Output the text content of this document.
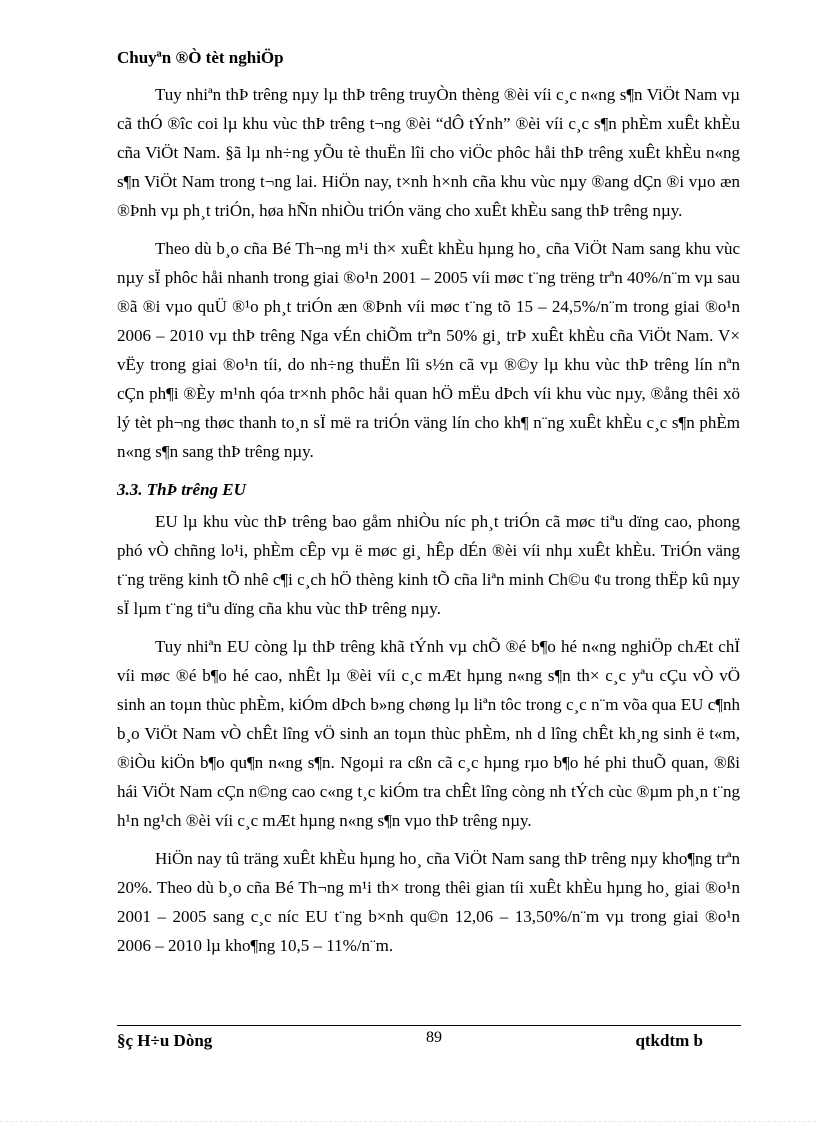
Chuyªn ®Ò tèt nghiÖp

Tuy nhiªn thÞ trêng nµy lµ thÞ trêng truyÒn thèng ®èi víi c¸c n«ng s¶n ViÖt Nam vµ cã thÓ ®îc coi lµ khu vùc thÞ trêng t¬ng ®èi “dÔ tÝnh” ®èi víi c¸c s¶n phÈm xuÊt khÈu cña ViÖt Nam. §ã lµ nh÷ng yÕu tè thuËn lîi cho viÖc phôc håi thÞ trêng xuÊt khÈu n«ng s¶n ViÖt Nam trong t¬ng lai. HiÖn nay, t×nh h×nh cña khu vùc nµy ®ang dÇn ®i vµo æn ®Þnh vµ ph¸t triÓn, høa hÑn nhiÒu triÓn väng cho xuÊt khÈu sang thÞ trêng nµy.

Theo dù b¸o cña Bé Th¬ng m¹i th× xuÊt khÈu hµng ho¸ cña ViÖt Nam sang khu vùc nµy sÏ phôc håi nhanh trong giai ®o¹n 2001 – 2005 víi møc t¨ng trëng trªn 40%/n¨m vµ sau ®ã ®i vµo quÜ ®¹o ph¸t triÓn æn ®Þnh víi møc t¨ng tõ 15 – 24,5%/n¨m trong giai ®o¹n 2006 – 2010 vµ thÞ trêng Nga vÉn chiÕm trªn 50% gi¸ trÞ xuÊt khÈu cña ViÖt Nam. V× vËy trong giai ®o¹n tíi, do nh÷ng thuËn lîi s½n cã vµ ®©y lµ khu vùc thÞ trêng lín nªn cÇn ph¶i ®Èy m¹nh qóa tr×nh phôc håi quan hÖ mËu dÞch víi khu vùc nµy, ®ång thêi xö lý tèt ph¬ng thøc thanh to¸n sÏ më ra triÓn väng lín cho kh¶ n¨ng xuÊt khÈu c¸c s¶n phÈm n«ng s¶n sang thÞ trêng nµy.

3.3. ThÞ trêng EU

EU lµ khu vùc thÞ trêng bao gåm nhiÒu níc ph¸t triÓn cã møc tiªu dïng cao, phong phó vÒ chñng lo¹i, phÈm cÊp vµ ë møc gi¸ hÊp dÉn ®èi víi nhµ xuÊt khÈu. TriÓn väng t¨ng trëng kinh tÕ nhê c¶i c¸ch hÖ thèng kinh tÕ cña liªn minh Ch©u ¢u trong thËp kû nµy sÏ lµm t¨ng tiªu dïng cña khu vùc thÞ trêng nµy.

Tuy nhiªn EU còng lµ thÞ trêng khã tÝnh vµ chÕ ®é b¶o hé n«ng nghiÖp chÆt chÏ víi møc ®é b¶o hé cao, nhÊt lµ ®èi víi c¸c mÆt hµng n«ng s¶n th× c¸c yªu cÇu vÒ vÖ sinh an toµn thùc phÈm, kiÓm dÞch b»ng chøng lµ liªn tôc trong c¸c n¨m võa qua EU c¶nh b¸o ViÖt Nam vÒ chÊt lîng vÖ sinh an toµn thùc phÈm, nh d lîng chÊt kh¸ng sinh ë t«m, ®iÒu kiÖn b¶o qu¶n n«ng s¶n. Ngoµi ra cßn cã c¸c hµng rµo b¶o hé phi thuÕ quan, ®ßi hái ViÖt Nam cÇn n©ng cao c«ng t¸c kiÓm tra chÊt lîng còng nh tÝch cùc ®µm ph¸n t¨ng h¹n ng¹ch ®èi víi c¸c mÆt hµng n«ng s¶n vµo thÞ trêng nµy.

HiÖn nay tû träng xuÊt khÈu hµng ho¸ cña ViÖt Nam sang thÞ trêng nµy kho¶ng trªn 20%. Theo dù b¸o cña Bé Th¬ng m¹i th× trong thêi gian tíi xuÊt khÈu hµng ho¸ giai ®o¹n 2001 – 2005 sang c¸c níc EU t¨ng b×nh qu©n 12,06 – 13,50%/n¨m vµ trong giai ®o¹n 2006 – 2010 lµ kho¶ng 10,5 – 11%/n¨m.

§ç H÷u Dòng	89	qtkdtm b
